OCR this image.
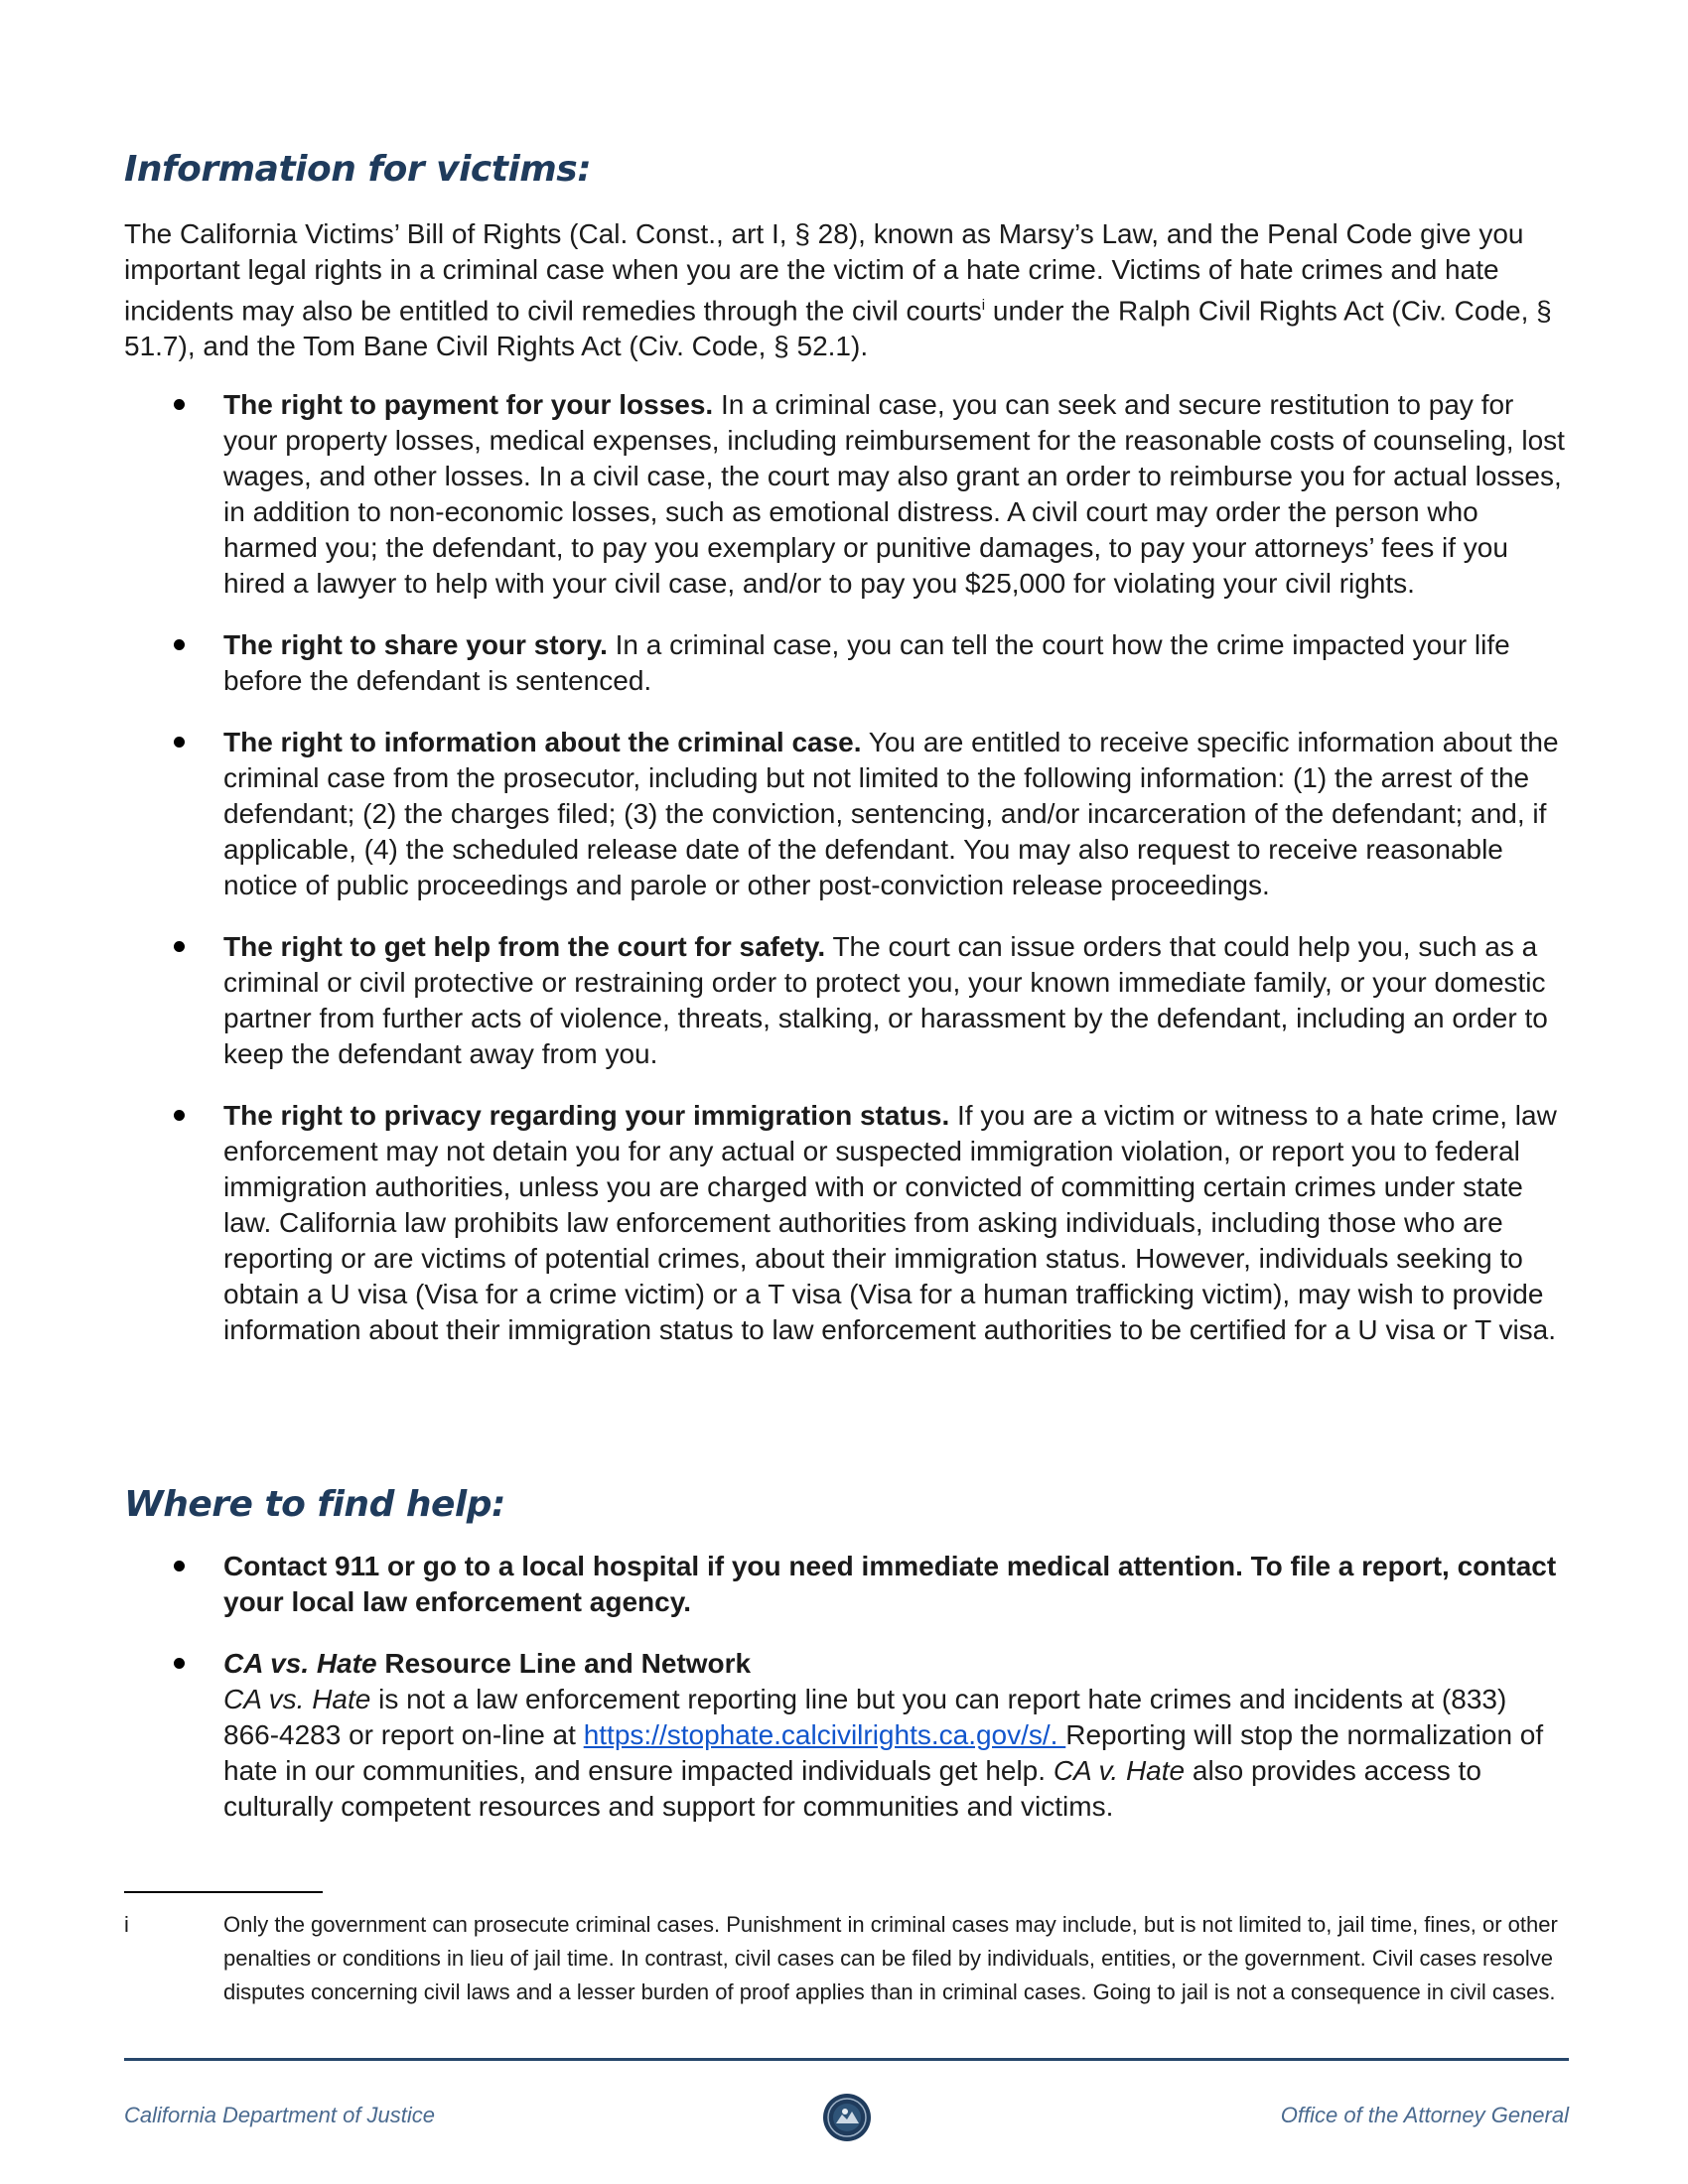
Information for victims:
The California Victims’ Bill of Rights (Cal. Const., art I, § 28), known as Marsy’s Law, and the Penal Code give you important legal rights in a criminal case when you are the victim of a hate crime. Victims of hate crimes and hate incidents may also be entitled to civil remedies through the civil courts$^i$ under the Ralph Civil Rights Act (Civ. Code, § 51.7), and the Tom Bane Civil Rights Act (Civ. Code, § 52.1).
The right to payment for your losses. In a criminal case, you can seek and secure restitution to pay for your property losses, medical expenses, including reimbursement for the reasonable costs of counseling, lost wages, and other losses. In a civil case, the court may also grant an order to reimburse you for actual losses, in addition to non-economic losses, such as emotional distress. A civil court may order the person who harmed you; the defendant, to pay you exemplary or punitive damages, to pay your attorneys’ fees if you hired a lawyer to help with your civil case, and/or to pay you $25,000 for violating your civil rights.
The right to share your story. In a criminal case, you can tell the court how the crime impacted your life before the defendant is sentenced.
The right to information about the criminal case. You are entitled to receive specific information about the criminal case from the prosecutor, including but not limited to the following information: (1) the arrest of the defendant; (2) the charges filed; (3) the conviction, sentencing, and/or incarceration of the defendant; and, if applicable, (4) the scheduled release date of the defendant. You may also request to receive reasonable notice of public proceedings and parole or other post-conviction release proceedings.
The right to get help from the court for safety. The court can issue orders that could help you, such as a criminal or civil protective or restraining order to protect you, your known immediate family, or your domestic partner from further acts of violence, threats, stalking, or harassment by the defendant, including an order to keep the defendant away from you.
The right to privacy regarding your immigration status. If you are a victim or witness to a hate crime, law enforcement may not detain you for any actual or suspected immigration violation, or report you to federal immigration authorities, unless you are charged with or convicted of committing certain crimes under state law. California law prohibits law enforcement authorities from asking individuals, including those who are reporting or are victims of potential crimes, about their immigration status. However, individuals seeking to obtain a U visa (Visa for a crime victim) or a T visa (Visa for a human trafficking victim), may wish to provide information about their immigration status to law enforcement authorities to be certified for a U visa or T visa.
Where to find help:
Contact 911 or go to a local hospital if you need immediate medical attention. To file a report, contact your local law enforcement agency.
CA vs. Hate Resource Line and Network
CA vs. Hate is not a law enforcement reporting line but you can report hate crimes and incidents at (833) 866-4283 or report on-line at https://stophate.calcivilrights.ca.gov/s/. Reporting will stop the normalization of hate in our communities, and ensure impacted individuals get help. CA v. Hate also provides access to culturally competent resources and support for communities and victims.
i	Only the government can prosecute criminal cases. Punishment in criminal cases may include, but is not limited to, jail time, fines, or other penalties or conditions in lieu of jail time. In contrast, civil cases can be filed by individuals, entities, or the government. Civil cases resolve disputes concerning civil laws and a lesser burden of proof applies than in criminal cases. Going to jail is not a consequence in civil cases.
California Department of Justice	Office of the Attorney General
